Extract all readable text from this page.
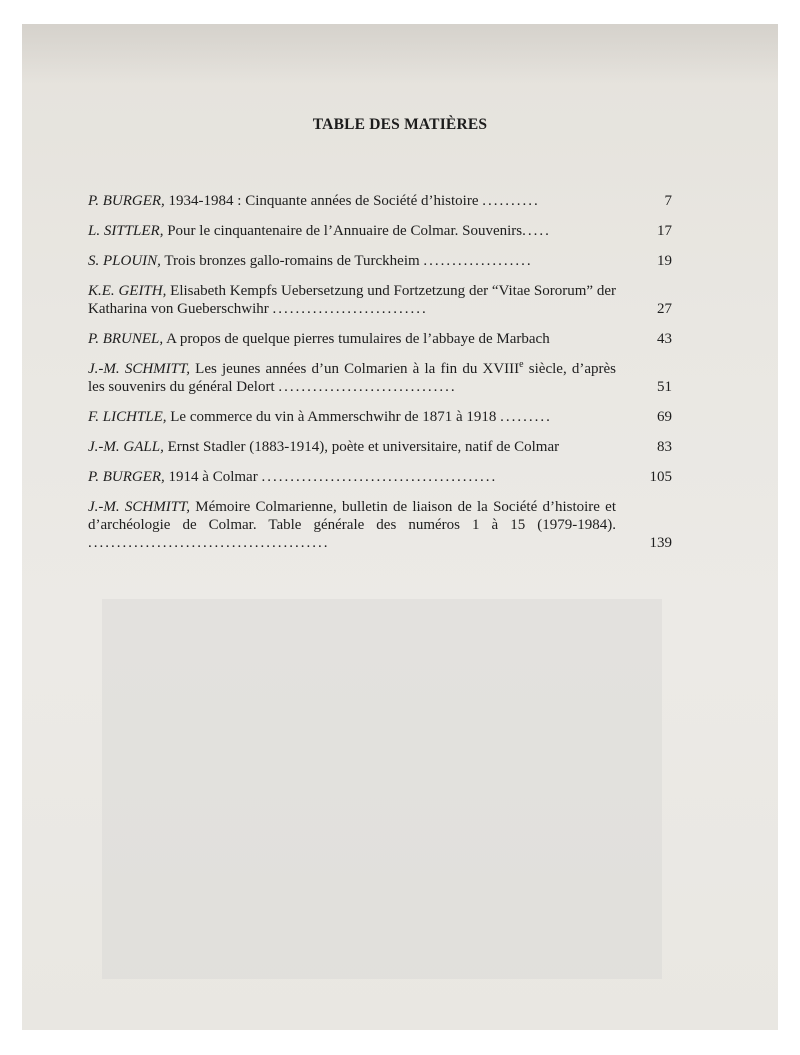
TABLE DES MATIÈRES
P. BURGER, 1934-1984 : Cinquante années de Société d’histoire ..........	7
L. SITTLER, Pour le cinquantenaire de l’Annuaire de Colmar. Souvenirs.....	17
S. PLOUIN, Trois bronzes gallo-romains de Turckheim ...................	19
K.E. GEITH, Elisabeth Kempfs Uebersetzung und Fortzetzung der “Vitae Sororum” der Katharina von Gueberschwihr ...........................	27
P. BRUNEL, A propos de quelque pierres tumulaires de l’abbaye de Marbach	43
J.-M. SCHMITT, Les jeunes années d’un Colmarien à la fin du XVIIIe siècle, d’après les souvenirs du général Delort ...............................	51
F. LICHTLE, Le commerce du vin à Ammerschwihr de 1871 à 1918 .........	69
J.-M. GALL, Ernst Stadler (1883-1914), poète et universitaire, natif de Colmar	83
P. BURGER, 1914 à Colmar .........................................	105
J.-M. SCHMITT, Mémoire Colmarienne, bulletin de liaison de la Société d’histoire et d’archéologie de Colmar. Table générale des numéros 1 à 15 (1979-1984). ..........................................	139
